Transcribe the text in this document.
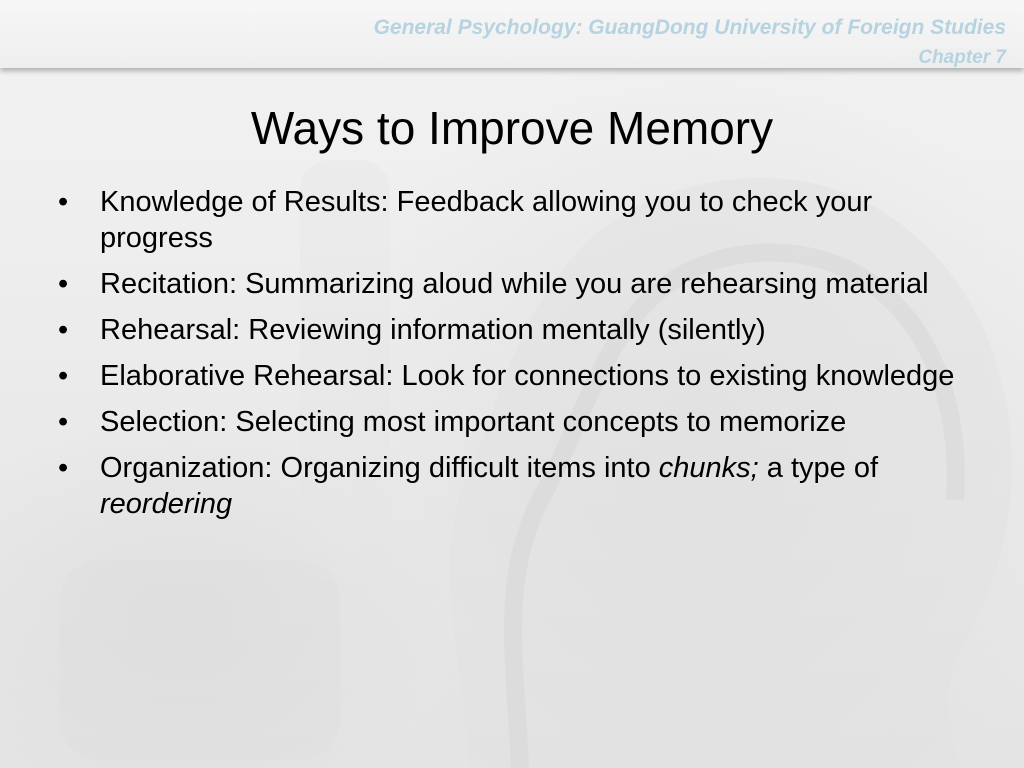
General Psychology: GuangDong University of Foreign Studies
Chapter 7
Ways to Improve Memory
•	Knowledge of Results: Feedback allowing you to check your progress
•	Recitation: Summarizing aloud while you are rehearsing material
•	Rehearsal: Reviewing information mentally (silently)
•	Elaborative Rehearsal: Look for connections to existing knowledge
•	Selection: Selecting most important concepts to memorize
•	Organization: Organizing difficult items into chunks; a type of reordering
